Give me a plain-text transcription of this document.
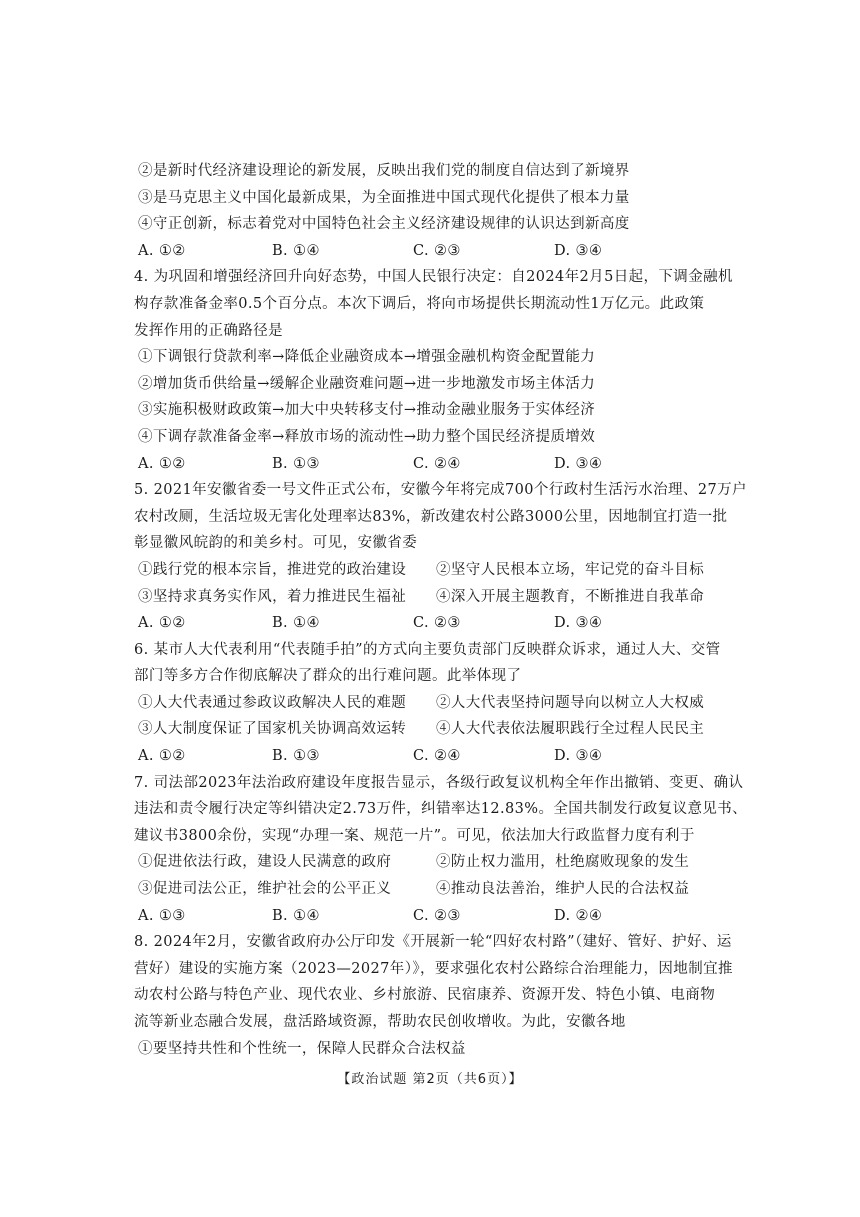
②是新时代经济建设理论的新发展，反映出我们党的制度自信达到了新境界
③是马克思主义中国化最新成果，为全面推进中国式现代化提供了根本力量
④守正创新，标志着党对中国特色社会主义经济建设规律的认识达到新高度
A. ①②	B. ①④	C. ②③	D. ③④
4. 为巩固和增强经济回升向好态势，中国人民银行决定：自2024年2月5日起，下调金融机
构存款准备金率0.5个百分点。本次下调后，将向市场提供长期流动性1万亿元。此政策
发挥作用的正确路径是
①下调银行贷款利率→降低企业融资成本→增强金融机构资金配置能力
②增加货币供给量→缓解企业融资难问题→进一步地激发市场主体活力
③实施积极财政政策→加大中央转移支付→推动金融业服务于实体经济
④下调存款准备金率→释放市场的流动性→助力整个国民经济提质增效
A. ①②	B. ①③	C. ②④	D. ③④
5. 2021年安徽省委一号文件正式公布，安徽今年将完成700个行政村生活污水治理、27万户
农村改厕，生活垃圾无害化处理率达83%，新改建农村公路3000公里，因地制宜打造一批
彰显徽风皖韵的和美乡村。可见，安徽省委
①践行党的根本宗旨，推进党的政治建设	②坚守人民根本立场，牢记党的奋斗目标
③坚持求真务实作风，着力推进民生福祉	④深入开展主题教育，不断推进自我革命
A. ①②	B. ①④	C. ②③	D. ③④
6. 某市人大代表利用“代表随手拍”的方式向主要负责部门反映群众诉求，通过人大、交管
部门等多方合作彻底解决了群众的出行难问题。此举体现了
①人大代表通过参政议政解决人民的难题	②人大代表坚持问题导向以树立人大权威
③人大制度保证了国家机关协调高效运转	④人大代表依法履职践行全过程人民民主
A. ①②	B. ①③	C. ②④	D. ③④
7. 司法部2023年法治政府建设年度报告显示，各级行政复议机构全年作出撤销、变更、确认
违法和责令履行决定等纠错决定2.73万件，纠错率达12.83%。全国共制发行政复议意见书、
建议书3800余份，实现“办理一案、规范一片”。可见，依法加大行政监督力度有利于
①促进依法行政，建设人民满意的政府	②防止权力滥用，杜绝腐败现象的发生
③促进司法公正，维护社会的公平正义	④推动良法善治，维护人民的合法权益
A. ①③	B. ①④	C. ②③	D. ②④
8. 2024年2月，安徽省政府办公厅印发《开展新一轮“四好农村路”（建好、管好、护好、运
营好）建设的实施方案（2023—2027年）》，要求强化农村公路综合治理能力，因地制宜推
动农村公路与特色产业、现代农业、乡村旅游、民宿康养、资源开发、特色小镇、电商物
流等新业态融合发展，盘活路域资源，帮助农民创收增收。为此，安徽各地
①要坚持共性和个性统一，保障人民群众合法权益
【政治试题 第2页（共6页）】
